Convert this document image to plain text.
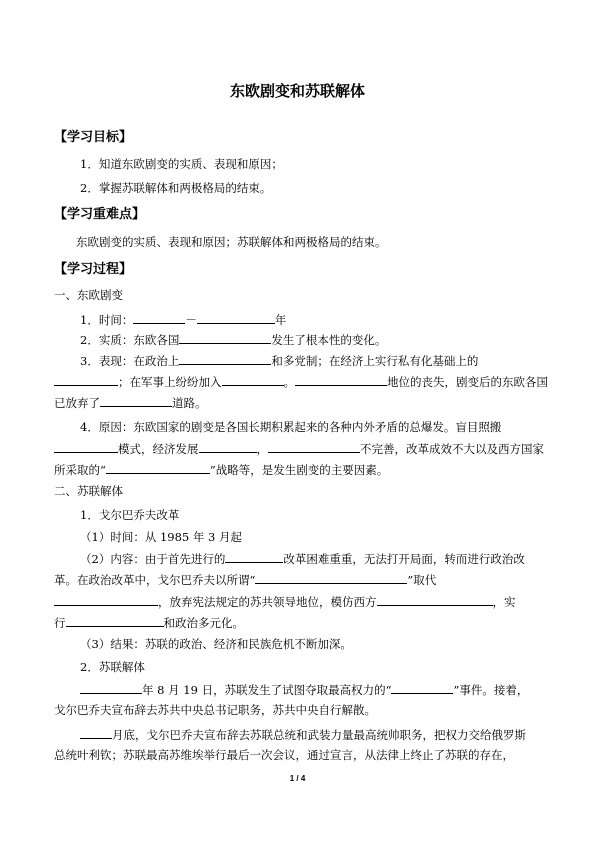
东欧剧变和苏联解体
【学习目标】
1．知道东欧剧变的实质、表现和原因；
2．掌握苏联解体和两极格局的结束。
【学习重难点】
东欧剧变的实质、表现和原因；苏联解体和两极格局的结束。
【学习过程】
一、东欧剧变
1．时间：	－	年
2．实质：东欧各国	发生了根本性的变化。
3．表现：在政治上	和多党制；在经济上实行私有化基础上的
；在军事上纷纷加入	。	地位的丧失，剧变后的东欧各国
已放弃了	道路。
4．原因：东欧国家的剧变是各国长期积累起来的各种内外矛盾的总爆发。盲目照搬
模式，经济发展	，	不完善，改革成效不大以及西方国家
所采取的“	”战略等，是发生剧变的主要因素。
二、苏联解体
1．戈尔巴乔夫改革
（1）时间：从 1985 年 3 月起
（2）内容：由于首先进行的	改革困难重重，无法打开局面，转而进行政治改
革。在政治改革中，戈尔巴乔夫以所谓“	”取代
，放弃宪法规定的苏共领导地位，模仿西方	，实
行	和政治多元化。
（3）结果：苏联的政治、经济和民族危机不断加深。
2．苏联解体
年 8 月 19 日，苏联发生了试图夺取最高权力的“	”事件。接着，
戈尔巴乔夫宣布辞去苏共中央总书记职务，苏共中央自行解散。
月底，戈尔巴乔夫宣布辞去苏联总统和武装力量最高统帅职务，把权力交给俄罗斯
总统叶利钦；苏联最高苏维埃举行最后一次会议，通过宣言，从法律上终止了苏联的存在，
1 / 4
